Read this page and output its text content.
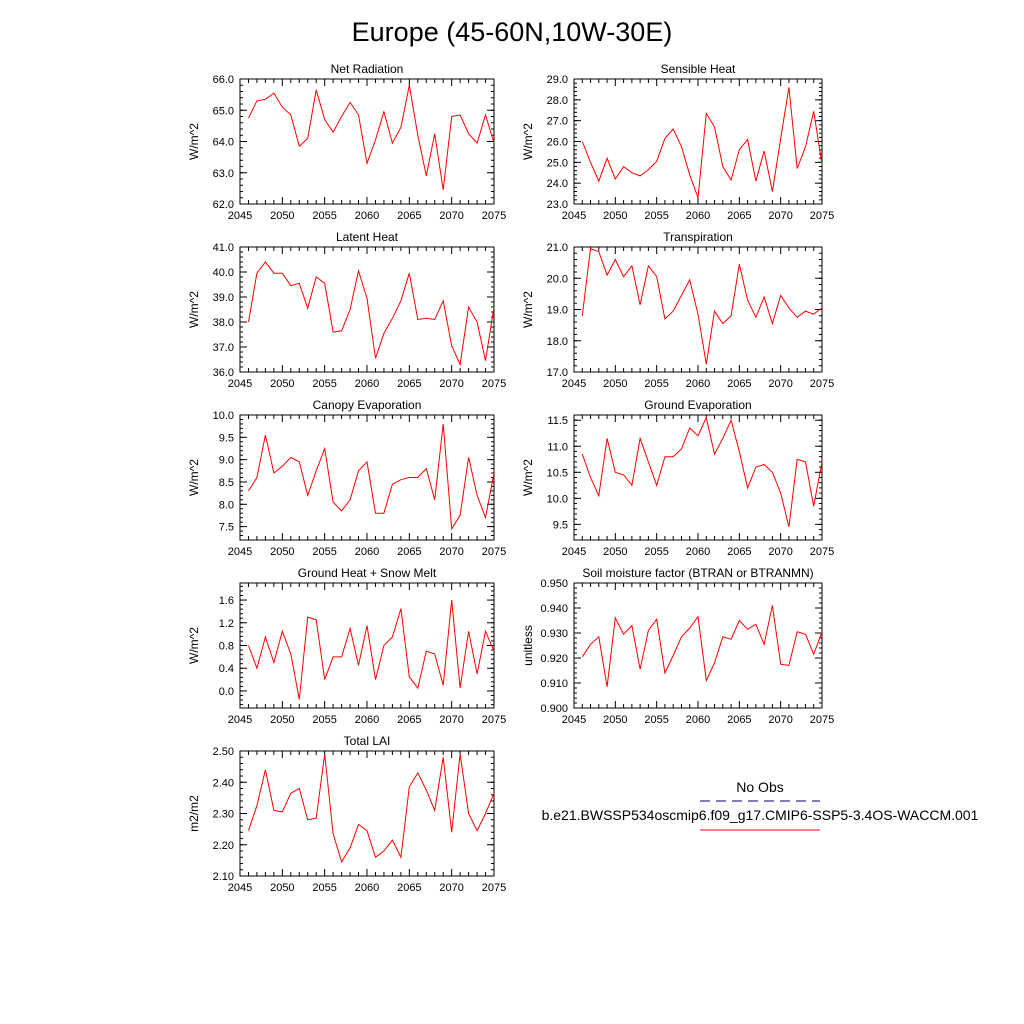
Europe (45-60N,10W-30E)
Net Radiation
W/m^2
2045 2050 2055 2060 2065 2070 2075
62.0
63.0
64.0
65.0
66.0
Sensible Heat
W/m^2
2045 2050 2055 2060 2065 2070 2075
23.0
24.0
25.0
26.0
27.0
28.0
29.0
Latent Heat
W/m^2
2045 2050 2055 2060 2065 2070 2075
36.0
37.0
38.0
39.0
40.0
41.0
Transpiration
W/m^2
2045 2050 2055 2060 2065 2070 2075
17.0
18.0
19.0
20.0
21.0
Canopy Evaporation
W/m^2
2045 2050 2055 2060 2065 2070 2075
7.5
8.0
8.5
9.0
9.5
10.0
Ground Evaporation
W/m^2
2045 2050 2055 2060 2065 2070 2075
9.5
10.0
10.5
11.0
11.5
Ground Heat + Snow Melt
W/m^2
2045 2050 2055 2060 2065 2070 2075
0.0
0.4
0.8
1.2
1.6
Soil moisture factor (BTRAN or BTRANMN)
unitless
2045 2050 2055 2060 2065 2070 2075
0.900
0.910
0.920
0.930
0.940
0.950
Total LAI
m2/m2
2045 2050 2055 2060 2065 2070 2075
2.10
2.20
2.30
2.40
2.50
No Obs
b.e21.BWSSP534oscmip6.f09_g17.CMIP6-SSP5-3.4OS-WACCM.001
